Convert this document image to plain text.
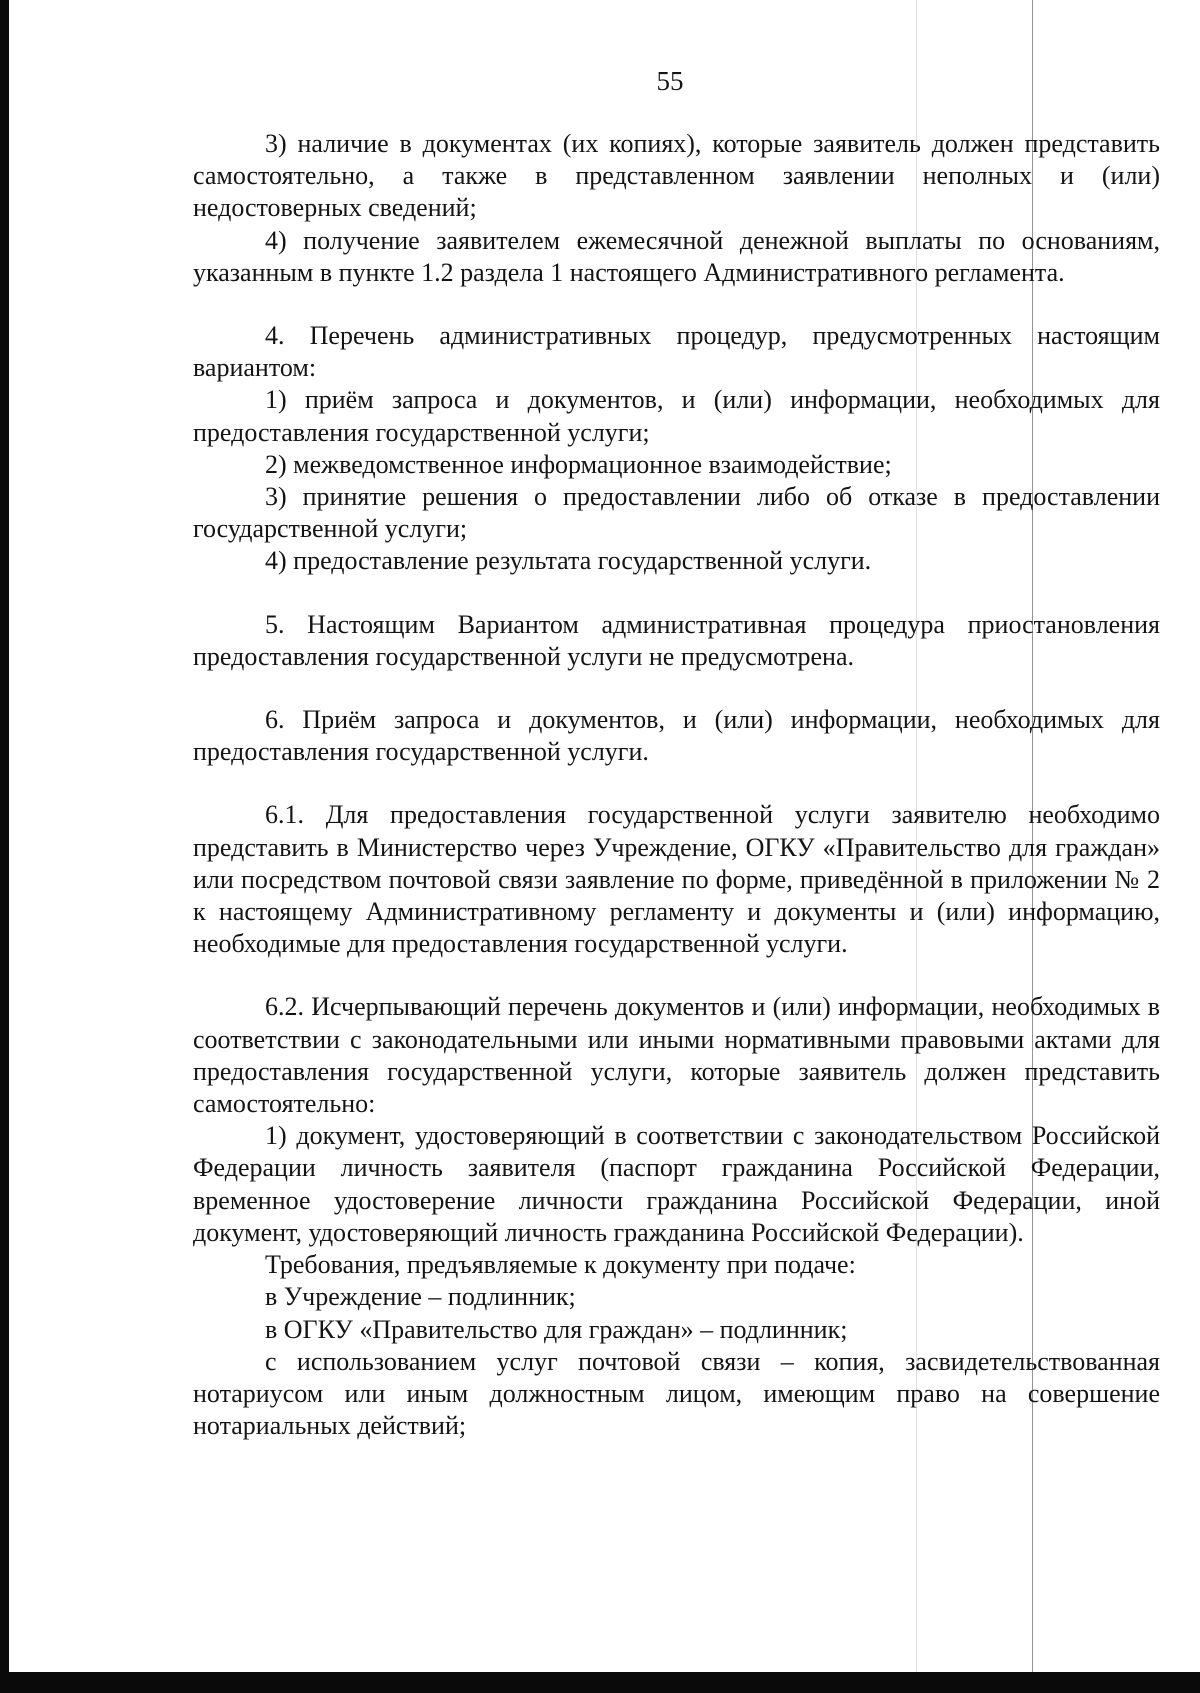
55

3) наличие в документах (их копиях), которые заявитель должен представить самостоятельно, а также в представленном заявлении неполных и (или) недостоверных сведений;

4) получение заявителем ежемесячной денежной выплаты по основаниям, указанным в пункте 1.2 раздела 1 настоящего Административного регламента.

4. Перечень административных процедур, предусмотренных настоящим вариантом:

1) приём запроса и документов, и (или) информации, необходимых для предоставления государственной услуги;

2) межведомственное информационное взаимодействие;

3) принятие решения о предоставлении либо об отказе в предоставлении государственной услуги;

4) предоставление результата государственной услуги.

5. Настоящим Вариантом административная процедура приостановления предоставления государственной услуги не предусмотрена.

6. Приём запроса и документов, и (или) информации, необходимых для предоставления государственной услуги.

6.1. Для предоставления государственной услуги заявителю необходимо представить в Министерство через Учреждение, ОГКУ «Правительство для граждан» или посредством почтовой связи заявление по форме, приведённой в приложении № 2 к настоящему Административному регламенту и документы и (или) информацию, необходимые для предоставления государственной услуги.

6.2. Исчерпывающий перечень документов и (или) информации, необходимых в соответствии с законодательными или иными нормативными правовыми актами для предоставления государственной услуги, которые заявитель должен представить самостоятельно:

1) документ, удостоверяющий в соответствии с законодательством Российской Федерации личность заявителя (паспорт гражданина Российской Федерации, временное удостоверение личности гражданина Российской Федерации, иной документ, удостоверяющий личность гражданина Российской Федерации).

Требования, предъявляемые к документу при подаче:

в Учреждение – подлинник;

в ОГКУ «Правительство для граждан» – подлинник;

с использованием услуг почтовой связи – копия, засвидетельствованная нотариусом или иным должностным лицом, имеющим право на совершение нотариальных действий;
